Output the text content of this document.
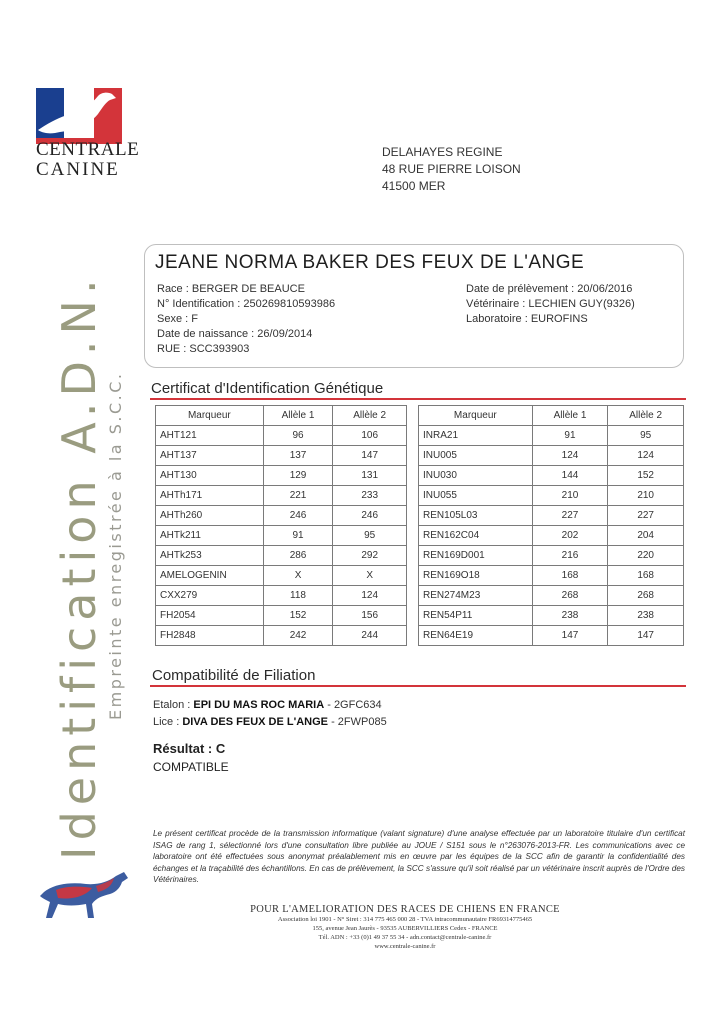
CENTRALE
CANINE
Identification A.D.N. Empreinte enregistrée à la S.C.C.
DELAHAYES REGINE
48 RUE PIERRE LOISON
41500 MER
JEANE NORMA BAKER DES FEUX DE L'ANGE
Race : BERGER DE BEAUCE
N° Identification : 250269810593986
Sexe : F
Date de naissance : 26/09/2014
RUE : SCC393903
Date de prélèvement : 20/06/2016
Vétérinaire : LECHIEN GUY(9326)
Laboratoire : EUROFINS
Certificat d'Identification Génétique
Marqueur	Allèle 1	Allèle 2
AHT121	96	106
AHT137	137	147
AHT130	129	131
AHTh171	221	233
AHTh260	246	246
AHTk211	91	95
AHTk253	286	292
AMELOGENIN	X	X
CXX279	118	124
FH2054	152	156
FH2848	242	244
Marqueur	Allèle 1	Allèle 2
INRA21	91	95
INU005	124	124
INU030	144	152
INU055	210	210
REN105L03	227	227
REN162C04	202	204
REN169D001	216	220
REN169O18	168	168
REN274M23	268	268
REN54P11	238	238
REN64E19	147	147
Compatibilité de Filiation
Etalon : EPI DU MAS ROC MARIA - 2GFC634
Lice : DIVA DES FEUX DE L'ANGE - 2FWP085
Résultat : C
COMPATIBLE
Le présent certificat procède de la transmission informatique (valant signature) d'une analyse effectuée par un laboratoire titulaire d'un certificat ISAG de rang 1, sélectionné lors d'une consultation libre publiée au JOUE / S151 sous le n°263076-2013-FR. Les communications avec ce laboratoire ont été effectuées sous anonymat préalablement mis en œuvre par les équipes de la SCC afin de garantir la confidentialité des échanges et la traçabilité des échantillons. En cas de prélèvement, la SCC s'assure qu'il soit réalisé par un vétérinaire inscrit auprès de l'Ordre des Vétérinaires.
POUR L'AMELIORATION DES RACES DE CHIENS EN FRANCE
Association loi 1901 - N° Siret : 314 775 465 000 28 - TVA intracommunautaire FR69314775465
155, avenue Jean Jaurès - 93535 AUBERVILLIERS Cedex - FRANCE
Tél. ADN : +33 (0)1 49 37 55 34 - adn.contact@centrale-canine.fr
www.centrale-canine.fr
